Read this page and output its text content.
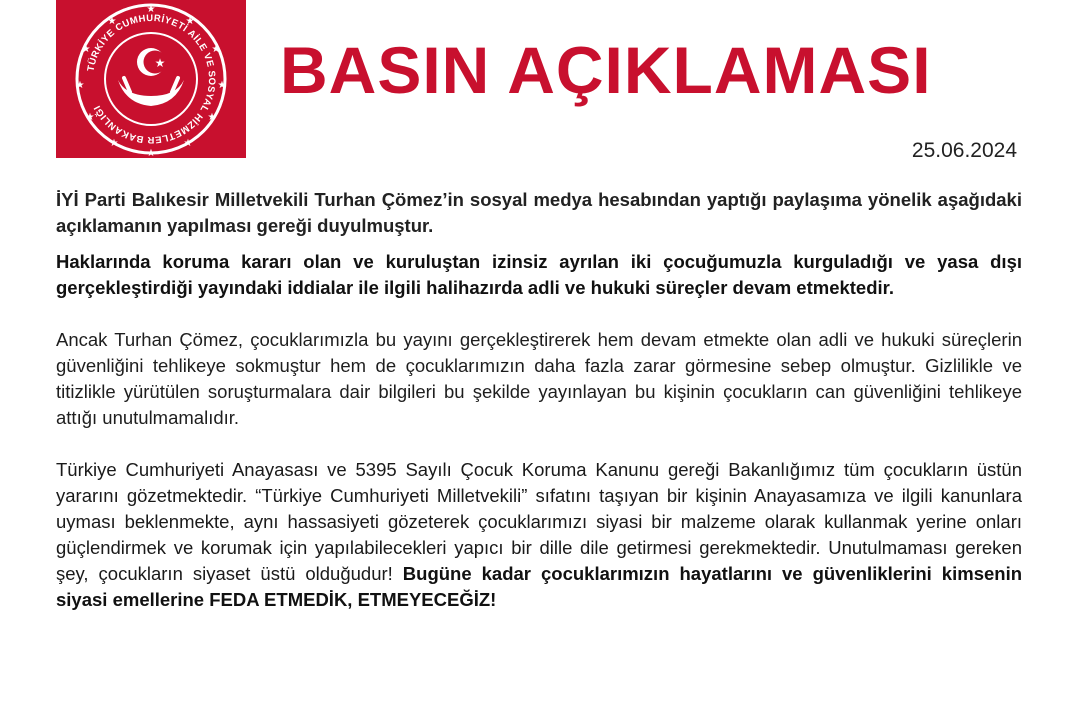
TÜRKİYE CUMHURİYETİ AİLE VE SOSYAL HİZMETLER BAKANLIĞI
★
★
★
★
★
★
★
★
★
★
★
★
★ BASIN AÇIKLAMASI
25.06.2024

İYİ Parti Balıkesir Milletvekili Turhan Çömez’in sosyal medya hesabından yaptığı paylaşıma yönelik aşağıdaki açıklamanın yapılması gereği duyulmuştur.

Haklarında koruma kararı olan ve kuruluştan izinsiz ayrılan iki çocuğumuzla kurguladığı ve yasa dışı gerçekleştirdiği yayındaki iddialar ile ilgili halihazırda adli ve hukuki süreçler devam etmektedir.

Ancak Turhan Çömez, çocuklarımızla bu yayını gerçekleştirerek hem devam etmekte olan adli ve hukuki süreçlerin güvenliğini tehlikeye sokmuştur hem de çocuklarımızın daha fazla zarar görmesine sebep olmuştur. Gizlilikle ve titizlikle yürütülen soruşturmalara dair bilgileri bu şekilde yayınlayan bu kişinin çocukların can güvenliğini tehlikeye attığı unutulmamalıdır.

Türkiye Cumhuriyeti Anayasası ve 5395 Sayılı Çocuk Koruma Kanunu gereği Bakanlığımız tüm çocukların üstün yararını gözetmektedir. “Türkiye Cumhuriyeti Milletvekili” sıfatını taşıyan bir kişinin Anayasamıza ve ilgili kanunlara uyması beklenmekte, aynı hassasiyeti gözeterek çocuklarımızı siyasi bir malzeme olarak kullanmak yerine onları güçlendirmek ve korumak için yapılabilecekleri yapıcı bir dille dile getirmesi gerekmektedir. Unutulmaması gereken şey, çocukların siyaset üstü olduğudur! Bugüne kadar çocuklarımızın hayatlarını ve güvenliklerini kimsenin siyasi emellerine FEDA ETMEDİK, ETMEYECEĞİZ!
